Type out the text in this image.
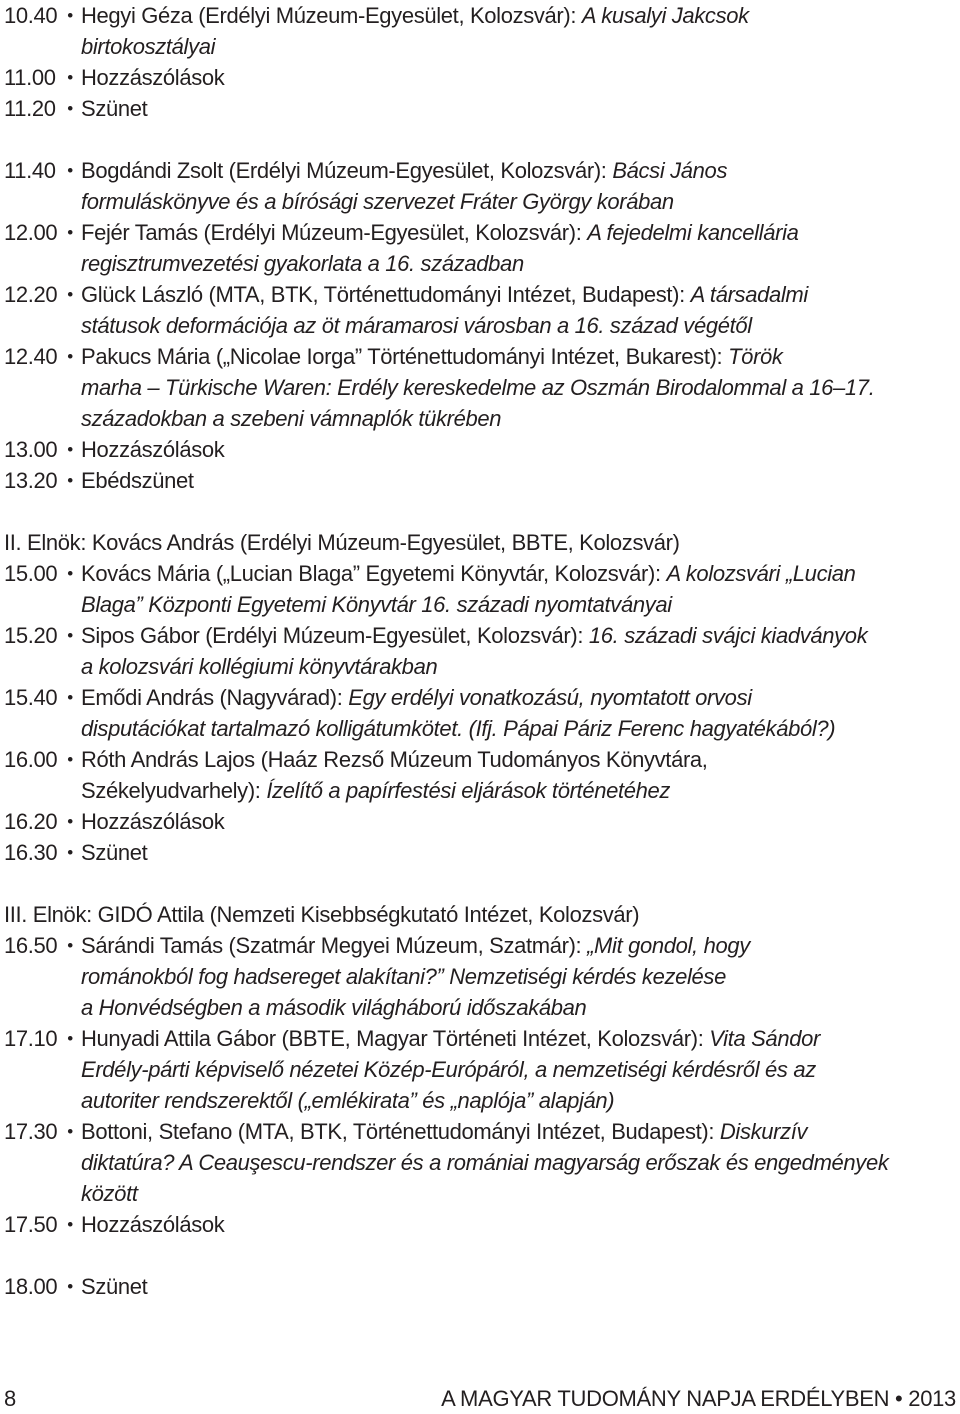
10.40 • Hegyi Géza (Erdélyi Múzeum-Egyesület, Kolozsvár): A kusalyi Jakcsok
birtokosztályai
11.00 • Hozzászólások
11.20 • Szünet
11.40 • Bogdándi Zsolt (Erdélyi Múzeum-Egyesület, Kolozsvár): Bácsi János
formuláskönyve és a bírósági szervezet Fráter György korában
12.00 • Fejér Tamás (Erdélyi Múzeum-Egyesület, Kolozsvár): A fejedelmi kancellária
regisztrumvezetési gyakorlata a 16. században
12.20 • Glück László (MTA, BTK, Történettudományi Intézet, Budapest): A társadalmi
státusok deformációja az öt máramarosi városban a 16. század végétől
12.40 • Pakucs Mária („Nicolae Iorga” Történettudományi Intézet, Bukarest): Török
marha – Türkische Waren: Erdély kereskedelme az Oszmán Birodalommal a 16–17.
századokban a szebeni vámnaplók tükrében
13.00 • Hozzászólások
13.20 • Ebédszünet
II. Elnök: Kovács András (Erdélyi Múzeum-Egyesület, BBTE, Kolozsvár)
15.00 • Kovács Mária („Lucian Blaga” Egyetemi Könyvtár, Kolozsvár): A kolozsvári „Lucian
Blaga” Központi Egyetemi Könyvtár 16. századi nyomtatványai
15.20 • Sipos Gábor (Erdélyi Múzeum-Egyesület, Kolozsvár): 16. századi svájci kiadványok
a kolozsvári kollégiumi könyvtárakban
15.40 • Emődi András (Nagyvárad): Egy erdélyi vonatkozású, nyomtatott orvosi
disputációkat tartalmazó kolligátumkötet. (Ifj. Pápai Páriz Ferenc hagyatékából?)
16.00 • Róth András Lajos (Haáz Rezső Múzeum Tudományos Könyvtára,
Székelyudvarhely): Ízelítő a papírfestési eljárások történetéhez
16.20 • Hozzászólások
16.30 • Szünet
III. Elnök: GIDÓ Attila (Nemzeti Kisebbségkutató Intézet, Kolozsvár)
16.50 • Sárándi Tamás (Szatmár Megyei Múzeum, Szatmár): „Mit gondol, hogy
románokból fog hadsereget alakítani?” Nemzetiségi kérdés kezelése
a Honvédségben a második világháború időszakában
17.10 • Hunyadi Attila Gábor (BBTE, Magyar Történeti Intézet, Kolozsvár): Vita Sándor
Erdély-párti képviselő nézetei Közép-Európáról, a nemzetiségi kérdésről és az
autoriter rendszerektől („emlékirata” és „naplója” alapján)
17.30 • Bottoni, Stefano (MTA, BTK, Történettudományi Intézet, Budapest): Diskurzív
diktatúra? A Ceauşescu-rendszer és a romániai magyarság erőszak és engedmények
között
17.50 • Hozzászólások
18.00 • Szünet
8	A MAGYAR TUDOMÁNY NAPJA ERDÉLYBEN • 2013
